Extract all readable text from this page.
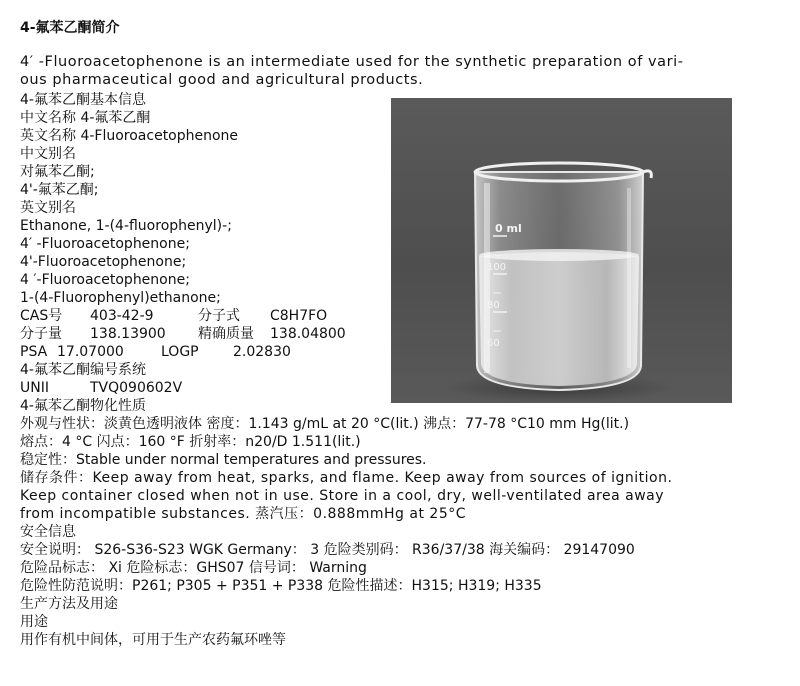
4-氟苯乙酮简介
4′ -Fluoroacetophenone is an intermediate used for the synthetic preparation of vari-
ous pharmaceutical good and agricultural products.
4-氟苯乙酮基本信息
中文名称 4-氟苯乙酮
英文名称 4-Fluoroacetophenone
中文别名
对氟苯乙酮;
4'-氟苯乙酮;
英文别名
Ethanone, 1-(4-fluorophenyl)-;
4′ -Fluoroacetophenone;
4'-Fluoroacetophenone;
4 ′-Fluoroacetophenone;
1-(4-Fluorophenyl)ethanone;
CAS号 403-42-9	分子式 C8H7FO
分子量 138.13900 精确质量 138.04800
PSA 17.07000	LOGP 2.02830
4-氟苯乙酮编号系统
UNII	TVQ090602V
4-氟苯乙酮物化性质
外观与性状：淡黄色透明液体 密度：1.143 g/mL at 20 °C(lit.) 沸点：77-78 °C10 mm Hg(lit.)
熔点：4 °C 闪点：160 °F 折射率：n20/D 1.511(lit.)
稳定性：Stable under normal temperatures and pressures.
储存条件：Keep away from heat, sparks, and flame. Keep away from sources of ignition.
Keep container closed when not in use. Store in a cool, dry, well-ventilated area away
from incompatible substances. 蒸汽压：0.888mmHg at 25°C
安全信息
安全说明： S26-S36-S23 WGK Germany： 3 危险类别码： R36/37/38 海关编码： 29147090
危险品标志： Xi 危险标志：GHS07 信号词： Warning
危险性防范说明：P261; P305 + P351 + P338 危险性描述：H315; H319; H335
生产方法及用途
用途
用作有机中间体，可用于生产农药氟环唑等
0 ml
100
80
60
